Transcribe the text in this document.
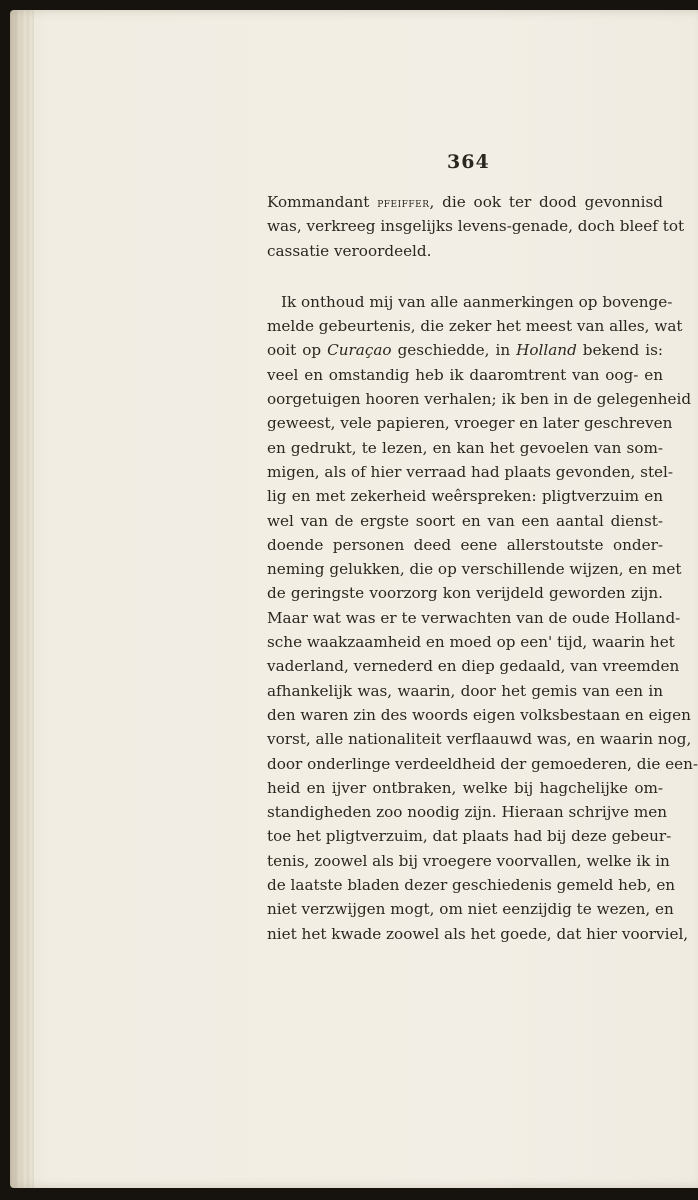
364
Kommandant pfeiffer, die ook ter dood gevonnisd
was, verkreeg insgelijks levens-genade, doch bleef tot
cassatie veroordeeld.
Ik onthoud mij van alle aanmerkingen op bovenge-
melde gebeurtenis, die zeker het meest van alles, wat
ooit op Curaçao geschiedde, in Holland bekend is:
veel en omstandig heb ik daaromtrent van oog- en
oorgetuigen hooren verhalen; ik ben in de gelegenheid
geweest, vele papieren, vroeger en later geschreven
en gedrukt, te lezen, en kan het gevoelen van som-
migen, als of hier verraad had plaats gevonden, stel-
lig en met zekerheid weêrspreken: pligtverzuim en
wel van de ergste soort en van een aantal dienst-
doende personen deed eene allerstoutste onder-
neming gelukken, die op verschillende wijzen, en met
de geringste voorzorg kon verijdeld geworden zijn.
Maar wat was er te verwachten van de oude Holland-
sche waakzaamheid en moed op een' tijd, waarin het
vaderland, vernederd en diep gedaald, van vreemden
afhankelijk was, waarin, door het gemis van een in
den waren zin des woords eigen volksbestaan en eigen
vorst, alle nationaliteit verflaauwd was, en waarin nog,
door onderlinge verdeeldheid der gemoederen, die een-
heid en ijver ontbraken, welke bij hagchelijke om-
standigheden zoo noodig zijn. Hieraan schrijve men
toe het pligtverzuim, dat plaats had bij deze gebeur-
tenis, zoowel als bij vroegere voorvallen, welke ik in
de laatste bladen dezer geschiedenis gemeld heb, en
niet verzwijgen mogt, om niet eenzijdig te wezen, en
niet het kwade zoowel als het goede, dat hier voorviel,
